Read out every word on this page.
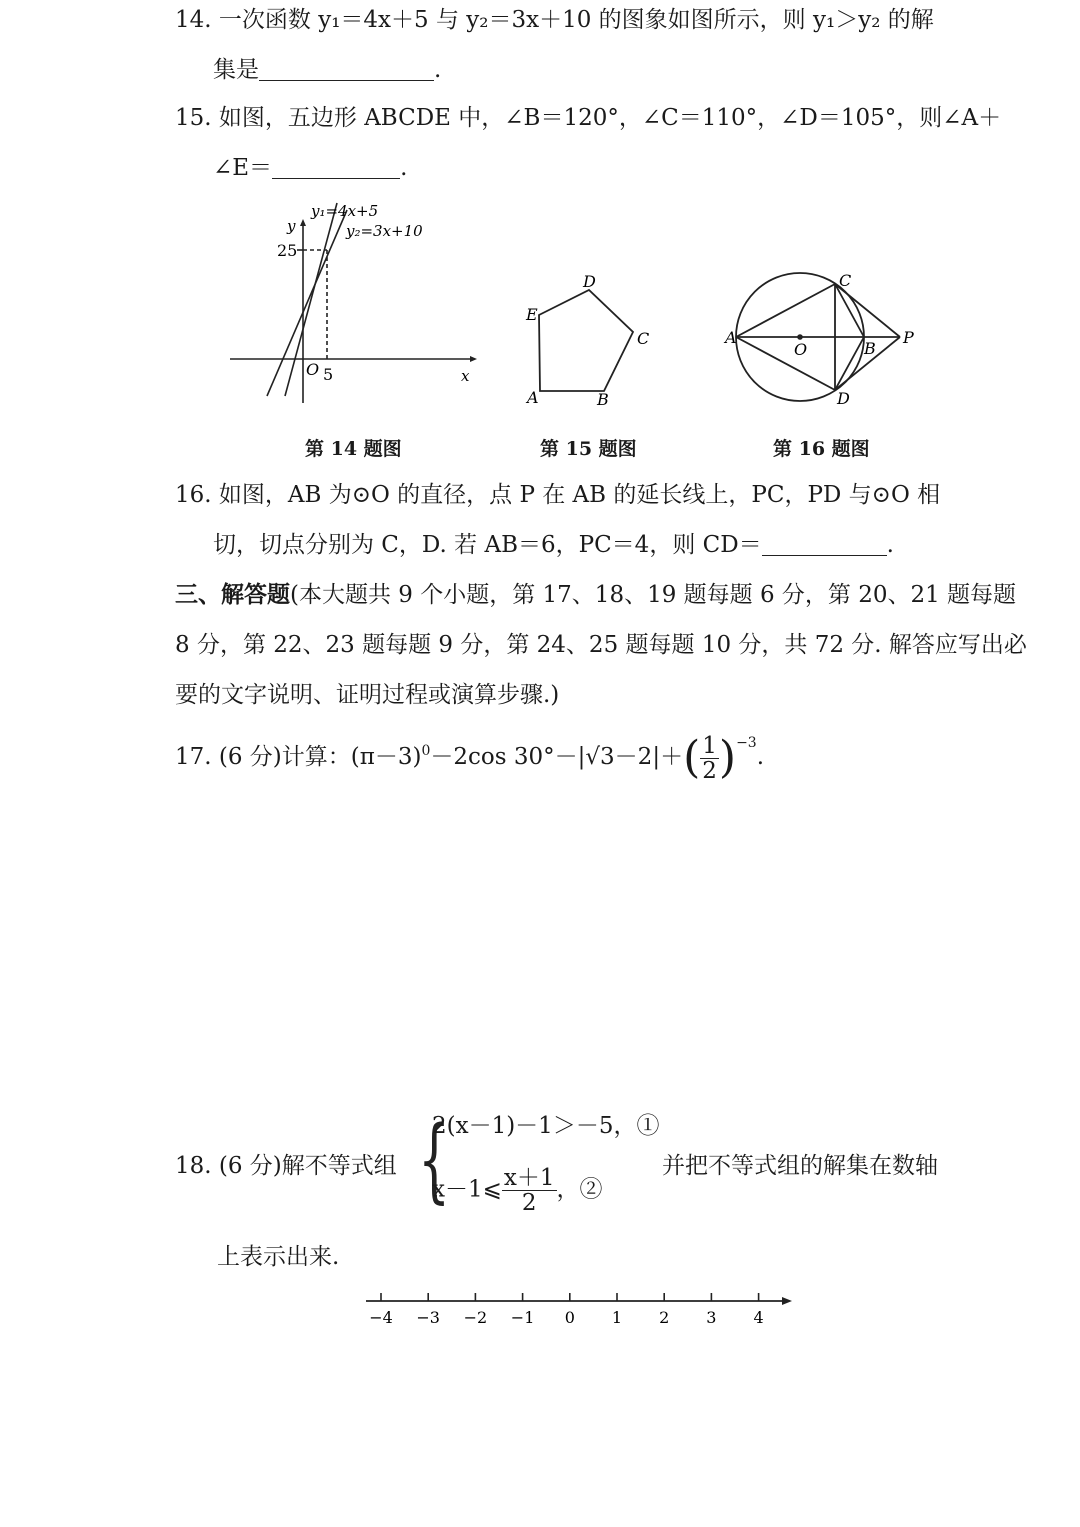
14. 一次函数 y₁＝4x＋5 与 y₂＝3x＋10 的图象如图所示，则 y₁＞y₂ 的解
集是	.
15. 如图，五边形 ABCDE 中，∠B＝120°，∠C＝110°，∠D＝105°，则∠A＋
∠E＝	.
y₁=4x+5
y₂=3x+10
y
x
25
5
O
第 14 题图
A	B
C
D
E
第 15 题图
A
O	B
C
D
P
第 16 题图
16. 如图，AB 为⊙O 的直径，点 P 在 AB 的延长线上，PC，PD 与⊙O 相
切，切点分别为 C，D. 若 AB＝6，PC＝4，则 CD＝	.
三、解答题(本大题共 9 个小题，第 17、18、19 题每题 6 分，第 20、21 题每题
8 分，第 22、23 题每题 9 分，第 24、25 题每题 10 分，共 72 分. 解答应写出必
要的文字说明、证明过程或演算步骤.)
17. (6 分)计算：$(\pi-3)^0-2\cos$ $30^\circ-|√3-2|+( \frac{1}{2} )^{-3}$.
18. (6 分)解不等式组 {
2(x－1)－1＞－5，①
x－1⩽ $\frac{x+1}{2}$ ，②
并把不等式组的解集在数轴
上表示出来.
−4 −3 −2 −1 0 1 2 3 4
